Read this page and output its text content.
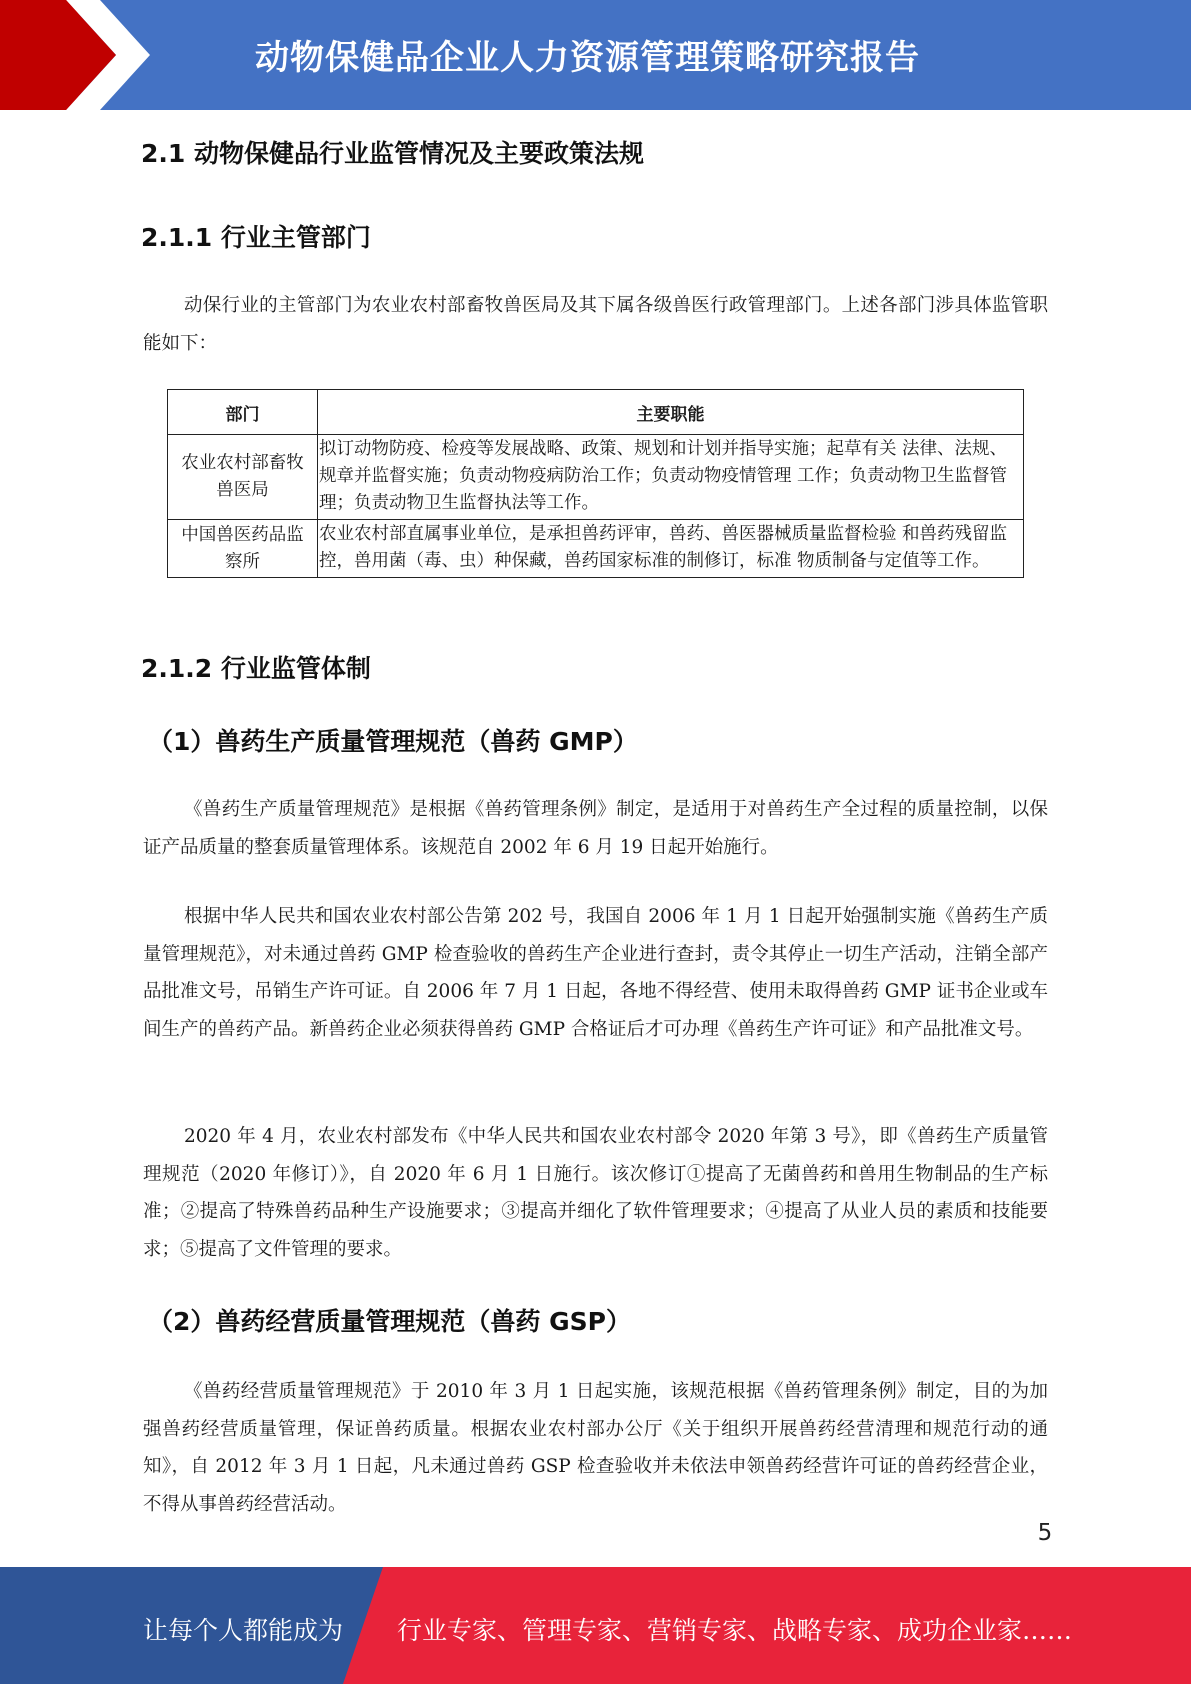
动物保健品企业人力资源管理策略研究报告
2.1 动物保健品行业监管情况及主要政策法规
2.1.1 行业主管部门

动保行业的主管部门为农业农村部畜牧兽医局及其下属各级兽医行政管理部门。上述各部门涉具体监管职能如下：

部门	主要职能
农业农村部畜牧兽医局	拟订动物防疫、检疫等发展战略、政策、规划和计划并指导实施；起草有关 法律、法规、规章并监督实施；负责动物疫病防治工作；负责动物疫情管理 工作；负责动物卫生监督管理；负责动物卫生监督执法等工作。
中国兽医药品监察所	农业农村部直属事业单位，是承担兽药评审，兽药、兽医器械质量监督检验 和兽药残留监控，兽用菌（毒、虫）种保藏，兽药国家标准的制修订，标准 物质制备与定值等工作。
2.1.2 行业监管体制
（1）兽药生产质量管理规范（兽药 GMP）

《兽药生产质量管理规范》是根据《兽药管理条例》制定，是适用于对兽药生产全过程的质量控制，以保证产品质量的整套质量管理体系。该规范自 2002 年 6 月 19 日起开始施行。

根据中华人民共和国农业农村部公告第 202 号，我国自 2006 年 1 月 1 日起开始强制实施《兽药生产质量管理规范》，对未通过兽药 GMP 检查验收的兽药生产企业进行查封，责令其停止一切生产活动，注销全部产品批准文号，吊销生产许可证。自 2006 年 7 月 1 日起，各地不得经营、使用未取得兽药 GMP 证书企业或车间生产的兽药产品。新兽药企业必须获得兽药 GMP 合格证后才可办理《兽药生产许可证》和产品批准文号。

2020 年 4 月，农业农村部发布《中华人民共和国农业农村部令 2020 年第 3 号》，即《兽药生产质量管理规范（2020 年修订）》，自 2020 年 6 月 1 日施行。该次修订①提高了无菌兽药和兽用生物制品的生产标准；②提高了特殊兽药品种生产设施要求；③提高并细化了软件管理要求；④提高了从业人员的素质和技能要求；⑤提高了文件管理的要求。

（2）兽药经营质量管理规范（兽药 GSP）

《兽药经营质量管理规范》于 2010 年 3 月 1 日起实施，该规范根据《兽药管理条例》制定，目的为加强兽药经营质量管理，保证兽药质量。根据农业农村部办公厅《关于组织开展兽药经营清理和规范行动的通知》，自 2012 年 3 月 1 日起，凡未通过兽药 GSP 检查验收并未依法申领兽药经营许可证的兽药经营企业，不得从事兽药经营活动。

5
让每个人都能成为 行业专家、管理专家、营销专家、战略专家、成功企业家……
